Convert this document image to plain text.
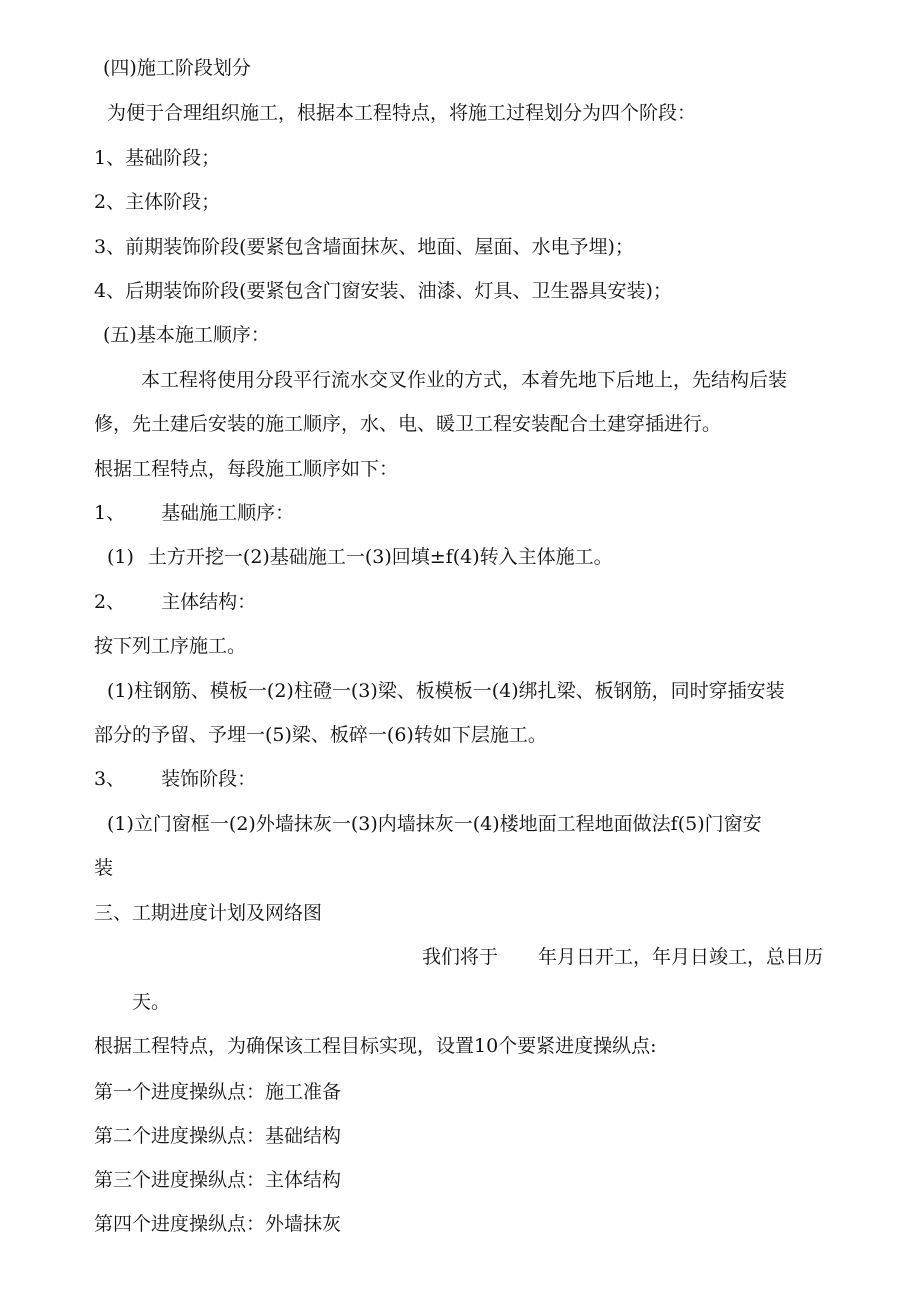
(四)施工阶段划分
为便于合理组织施工，根据本工程特点，将施工过程划分为四个阶段：
1、基础阶段；
2、主体阶段；
3、前期装饰阶段(要紧包含墙面抹灰、地面、屋面、水电予埋)；
4、后期装饰阶段(要紧包含门窗安装、油漆、灯具、卫生器具安装)；
(五)基本施工顺序：
本工程将使用分段平行流水交叉作业的方式，本着先地下后地上，先结构后装
修，先土建后安装的施工顺序，水、电、暖卫工程安装配合土建穿插进行。
根据工程特点，每段施工顺序如下：
1、 基础施工顺序：
(1) 土方开挖一(2)基础施工一(3)回填±f(4)转入主体施工。
2、 主体结构：
按下列工序施工。
(1)柱钢筋、模板一(2)柱磴一(3)梁、板模板一(4)绑扎梁、板钢筋，同时穿插安装
部分的予留、予埋一(5)梁、板碎一(6)转如下层施工。
3、 装饰阶段：
(1)立门窗框一(2)外墙抹灰一(3)内墙抹灰一(4)楼地面工程地面做法f(5)门窗安
装
三、工期进度计划及网络图
我们将于 年月日开工，年月日竣工，总日历
天。
根据工程特点，为确保该工程目标实现，设置10个要紧进度操纵点:
第一个进度操纵点：施工准备
第二个进度操纵点：基础结构
第三个进度操纵点：主体结构
第四个进度操纵点：外墙抹灰
